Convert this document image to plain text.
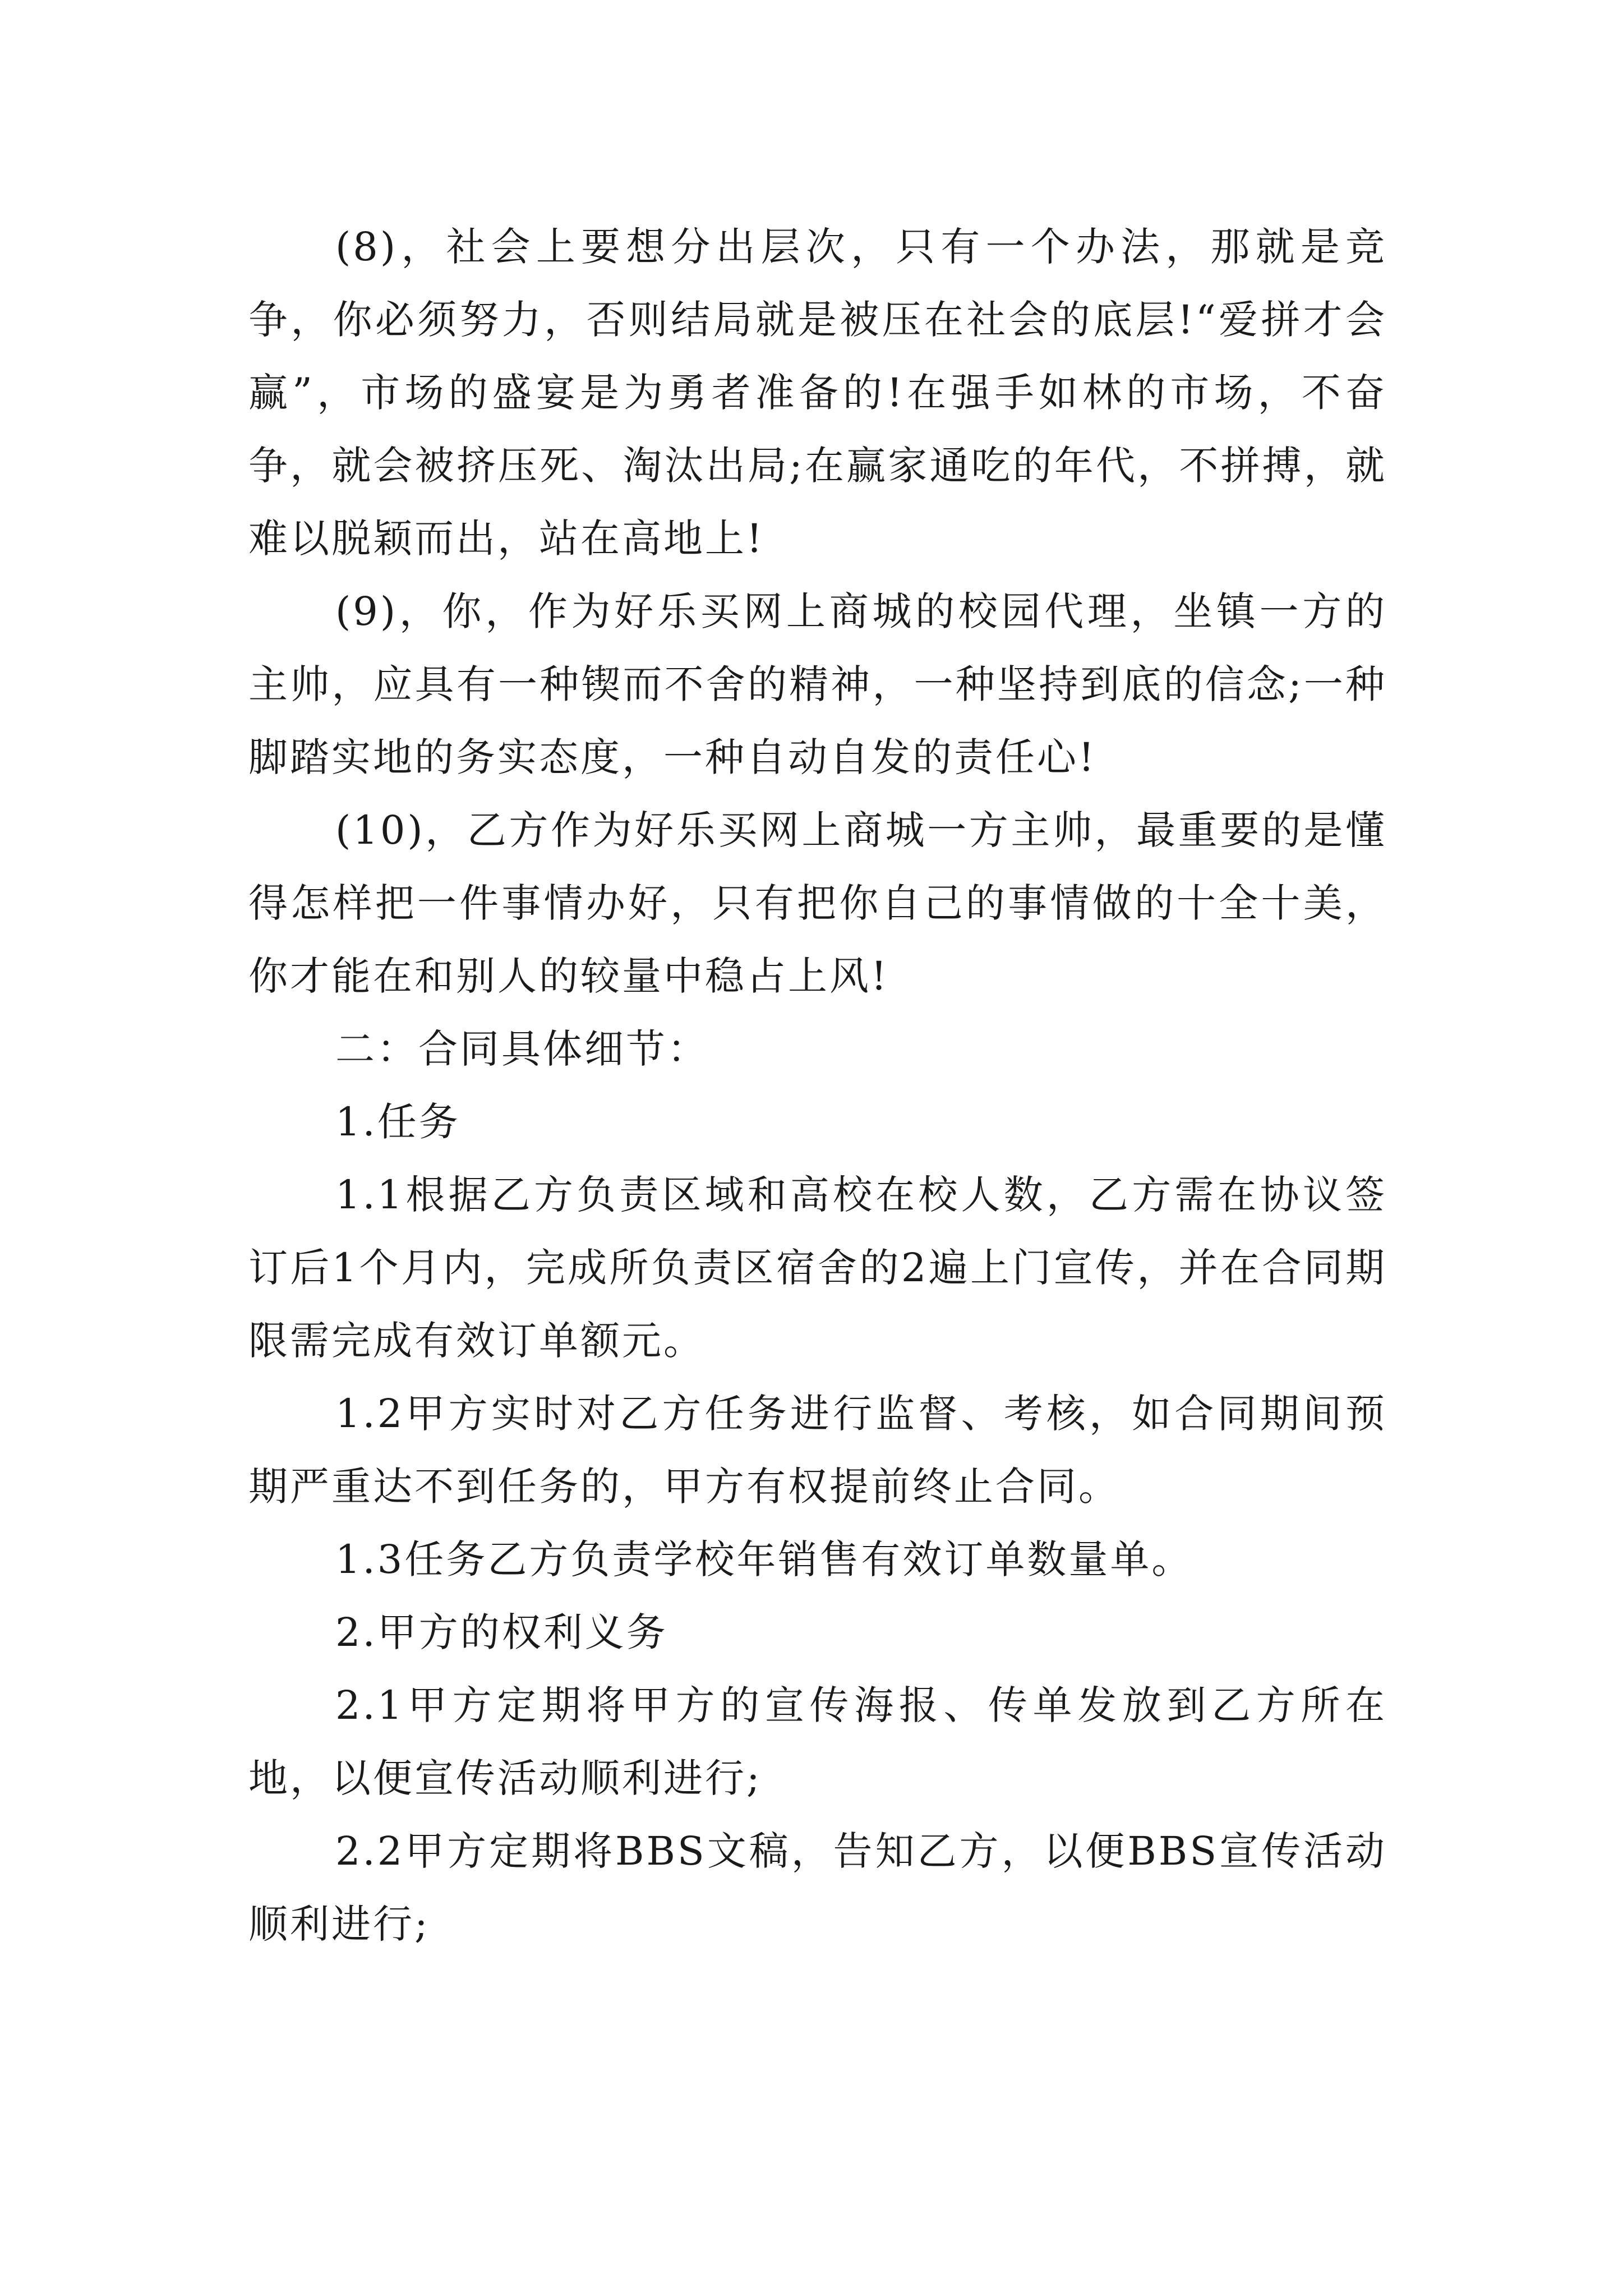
(8)，社会上要想分出层次，只有一个办法，那就是竞争，你必须努力，否则结局就是被压在社会的底层!“爱拼才会赢”，市场的盛宴是为勇者准备的!在强手如林的市场，不奋争，就会被挤压死、淘汰出局;在赢家通吃的年代，不拼搏，就难以脱颖而出，站在高地上!

(9)，你，作为好乐买网上商城的校园代理，坐镇一方的主帅，应具有一种锲而不舍的精神，一种坚持到底的信念;一种脚踏实地的务实态度，一种自动自发的责任心!

(10)，乙方作为好乐买网上商城一方主帅，最重要的是懂得怎样把一件事情办好，只有把你自己的事情做的十全十美，你才能在和别人的较量中稳占上风!

二：合同具体细节：

1.任务

1.1根据乙方负责区域和高校在校人数，乙方需在协议签订后1个月内，完成所负责区宿舍的2遍上门宣传，并在合同期限需完成有效订单额元。

1.2甲方实时对乙方任务进行监督、考核，如合同期间预期严重达不到任务的，甲方有权提前终止合同。

1.3任务乙方负责学校年销售有效订单数量单。

2.甲方的权利义务

2.1甲方定期将甲方的宣传海报、传单发放到乙方所在地，以便宣传活动顺利进行;

2.2甲方定期将BBS文稿，告知乙方，以便BBS宣传活动顺利进行;
